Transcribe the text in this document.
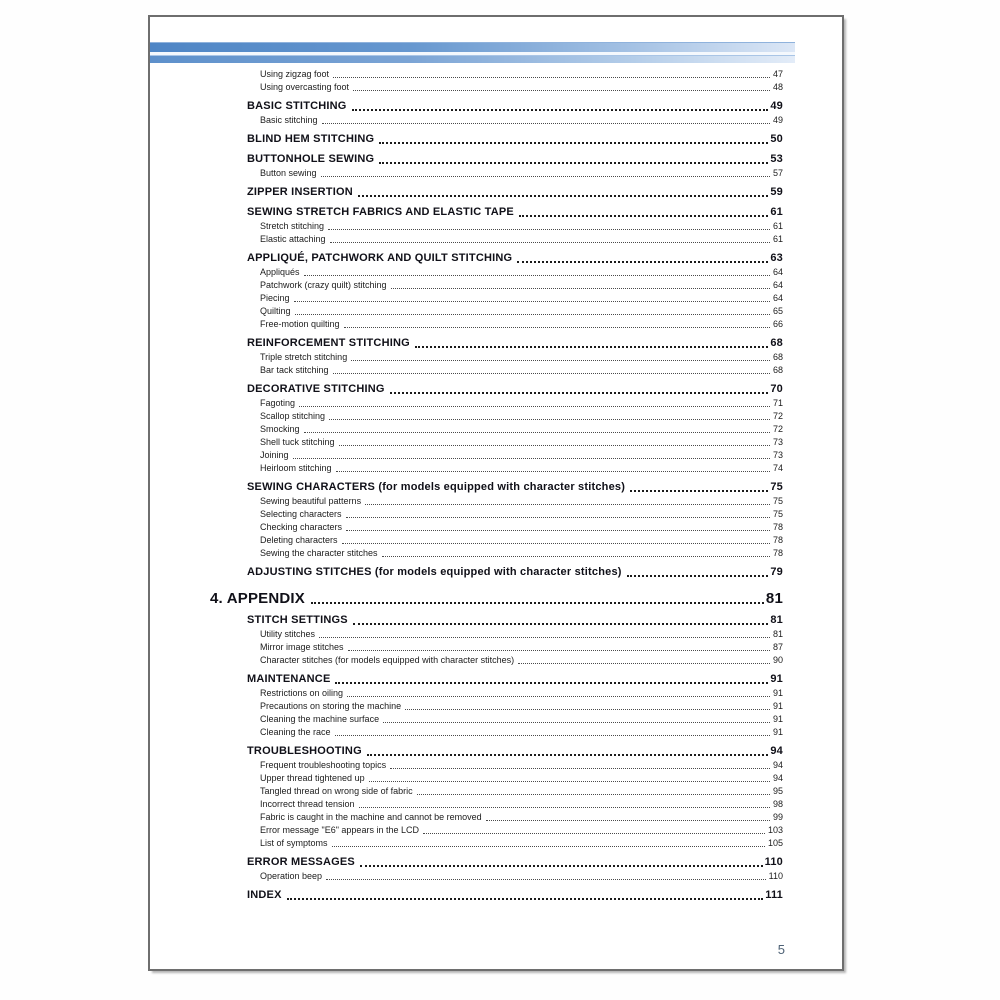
Using zigzag foot	47
Using overcasting foot	48
BASIC STITCHING	49
Basic stitching	49
BLIND HEM STITCHING	50
BUTTONHOLE SEWING	53
Button sewing	57
ZIPPER INSERTION	59
SEWING STRETCH FABRICS AND ELASTIC TAPE	61
Stretch stitching	61
Elastic attaching	61
APPLIQUÉ, PATCHWORK AND QUILT STITCHING	63
Appliqués	64
Patchwork (crazy quilt) stitching	64
Piecing	64
Quilting	65
Free-motion quilting	66
REINFORCEMENT STITCHING	68
Triple stretch stitching	68
Bar tack stitching	68
DECORATIVE STITCHING	70
Fagoting	71
Scallop stitching	72
Smocking	72
Shell tuck stitching	73
Joining	73
Heirloom stitching	74
SEWING CHARACTERS (for models equipped with character stitches)	75
Sewing beautiful patterns	75
Selecting characters	75
Checking characters	78
Deleting characters	78
Sewing the character stitches	78
ADJUSTING STITCHES (for models equipped with character stitches)	79
4. APPENDIX	81
STITCH SETTINGS	81
Utility stitches	81
Mirror image stitches	87
Character stitches (for models equipped with character stitches)	90
MAINTENANCE	91
Restrictions on oiling	91
Precautions on storing the machine	91
Cleaning the machine surface	91
Cleaning the race	91
TROUBLESHOOTING	94
Frequent troubleshooting topics	94
Upper thread tightened up	94
Tangled thread on wrong side of fabric	95
Incorrect thread tension	98
Fabric is caught in the machine and cannot be removed	99
Error message "E6" appears in the LCD	103
List of symptoms	105
ERROR MESSAGES	110
Operation beep	110
INDEX	111
5
